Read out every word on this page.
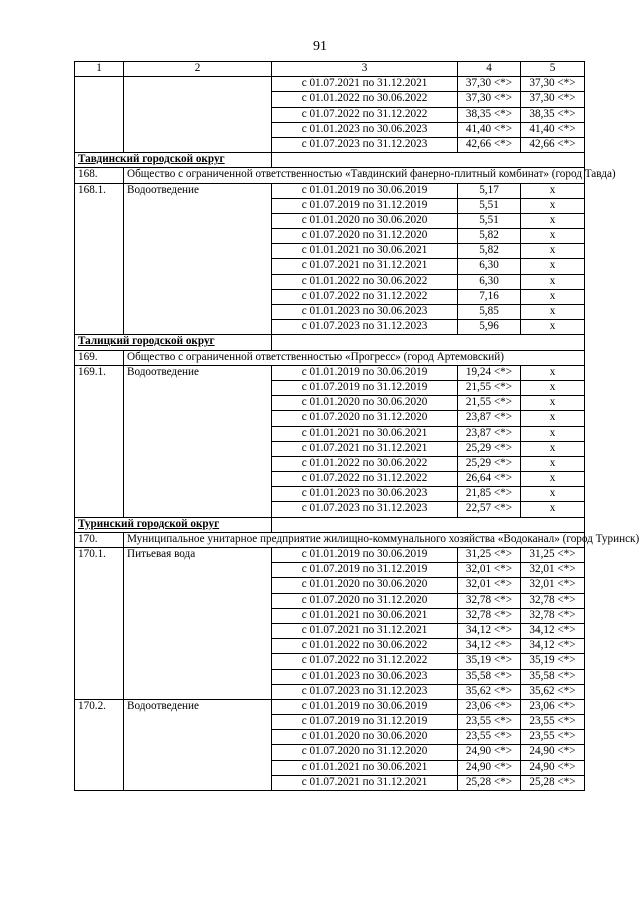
91
1	2	3	4	5
		с 01.07.2021 по 31.12.2021	37,30 <*>	37,30 <*>
		с 01.01.2022 по 30.06.2022	37,30 <*>	37,30 <*>
		с 01.07.2022 по 31.12.2022	38,35 <*>	38,35 <*>
		с 01.01.2023 по 30.06.2023	41,40 <*>	41,40 <*>
		с 01.07.2023 по 31.12.2023	42,66 <*>	42,66 <*>
Тавдинский городской округ				
168.	Общество с ограниченной ответственностью «Тавдинский фанерно-плитный комбинат» (город Тавда)			
168.1.	Водоотведение	с 01.01.2019 по 30.06.2019	5,17	x
		с 01.07.2019 по 31.12.2019	5,51	x
		с 01.01.2020 по 30.06.2020	5,51	x
		с 01.07.2020 по 31.12.2020	5,82	x
		с 01.01.2021 по 30.06.2021	5,82	x
		с 01.07.2021 по 31.12.2021	6,30	x
		с 01.01.2022 по 30.06.2022	6,30	x
		с 01.07.2022 по 31.12.2022	7,16	x
		с 01.01.2023 по 30.06.2023	5,85	x
		с 01.07.2023 по 31.12.2023	5,96	x
Талицкий городской округ				
169.	Общество с ограниченной ответственностью «Прогресс» (город Артемовский)			
169.1.	Водоотведение	с 01.01.2019 по 30.06.2019	19,24 <*>	x
		с 01.07.2019 по 31.12.2019	21,55 <*>	x
		с 01.01.2020 по 30.06.2020	21,55 <*>	x
		с 01.07.2020 по 31.12.2020	23,87 <*>	x
		с 01.01.2021 по 30.06.2021	23,87 <*>	x
		с 01.07.2021 по 31.12.2021	25,29 <*>	x
		с 01.01.2022 по 30.06.2022	25,29 <*>	x
		с 01.07.2022 по 31.12.2022	26,64 <*>	x
		с 01.01.2023 по 30.06.2023	21,85 <*>	x
		с 01.07.2023 по 31.12.2023	22,57 <*>	x
Туринский городской округ				
170.	Муниципальное унитарное предприятие жилищно-коммунального хозяйства «Водоканал» (город Туринск)			
170.1.	Питьевая вода	с 01.01.2019 по 30.06.2019	31,25 <*>	31,25 <*>
		с 01.07.2019 по 31.12.2019	32,01 <*>	32,01 <*>
		с 01.01.2020 по 30.06.2020	32,01 <*>	32,01 <*>
		с 01.07.2020 по 31.12.2020	32,78 <*>	32,78 <*>
		с 01.01.2021 по 30.06.2021	32,78 <*>	32,78 <*>
		с 01.07.2021 по 31.12.2021	34,12 <*>	34,12 <*>
		с 01.01.2022 по 30.06.2022	34,12 <*>	34,12 <*>
		с 01.07.2022 по 31.12.2022	35,19 <*>	35,19 <*>
		с 01.01.2023 по 30.06.2023	35,58 <*>	35,58 <*>
		с 01.07.2023 по 31.12.2023	35,62 <*>	35,62 <*>
170.2.	Водоотведение	с 01.01.2019 по 30.06.2019	23,06 <*>	23,06 <*>
		с 01.07.2019 по 31.12.2019	23,55 <*>	23,55 <*>
		с 01.01.2020 по 30.06.2020	23,55 <*>	23,55 <*>
		с 01.07.2020 по 31.12.2020	24,90 <*>	24,90 <*>
		с 01.01.2021 по 30.06.2021	24,90 <*>	24,90 <*>
		с 01.07.2021 по 31.12.2021	25,28 <*>	25,28 <*>
